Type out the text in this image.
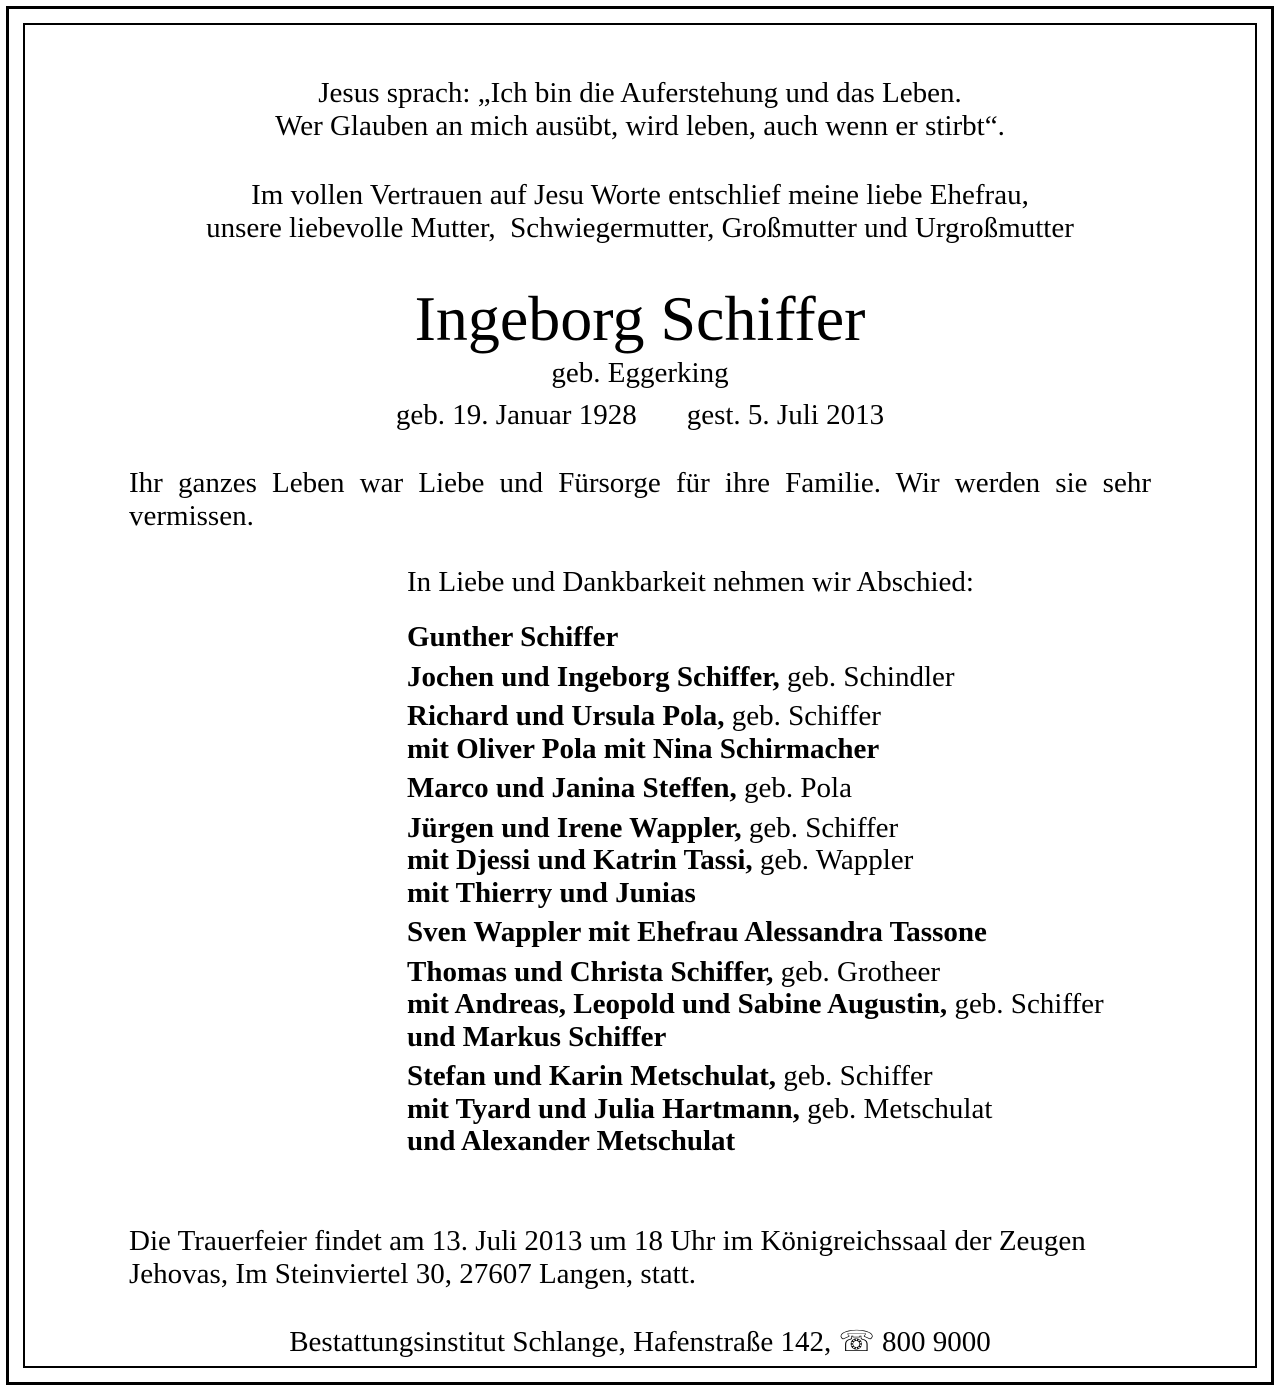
Jesus sprach: „Ich bin die Auferstehung und das Leben.
Wer Glauben an mich ausübt, wird leben, auch wenn er stirbt“.
Im vollen Vertrauen auf Jesu Worte entschlief meine liebe Ehefrau,
unsere liebevolle Mutter,  Schwiegermutter, Großmutter und Urgroßmutter
Ingeborg Schiffer
geb. Eggerking
geb. 19. Januar 1928 gest. 5. Juli 2013
Ihr ganzes Leben war Liebe und Fürsorge für ihre Familie. Wir werden sie sehr vermissen.
In Liebe und Dankbarkeit nehmen wir Abschied:
Gunther Schiffer
Jochen und Ingeborg Schiffer, geb. Schindler
Richard und Ursula Pola, geb. Schiffer
mit Oliver Pola mit Nina Schirmacher
Marco und Janina Steffen, geb. Pola
Jürgen und Irene Wappler, geb. Schiffer
mit Djessi und Katrin Tassi, geb. Wappler
mit Thierry und Junias
Sven Wappler mit Ehefrau Alessandra Tassone
Thomas und Christa Schiffer, geb. Grotheer
mit Andreas, Leopold und Sabine Augustin, geb. Schiffer
und Markus Schiffer
Stefan und Karin Metschulat, geb. Schiffer
mit Tyard und Julia Hartmann, geb. Metschulat
und Alexander Metschulat
Die Trauerfeier findet am 13. Juli 2013 um 18 Uhr im Königreichssaal der Zeugen
Jehovas, Im Steinviertel 30, 27607 Langen, statt.
Bestattungsinstitut Schlange, Hafenstraße 142, ☏ 800 9000
